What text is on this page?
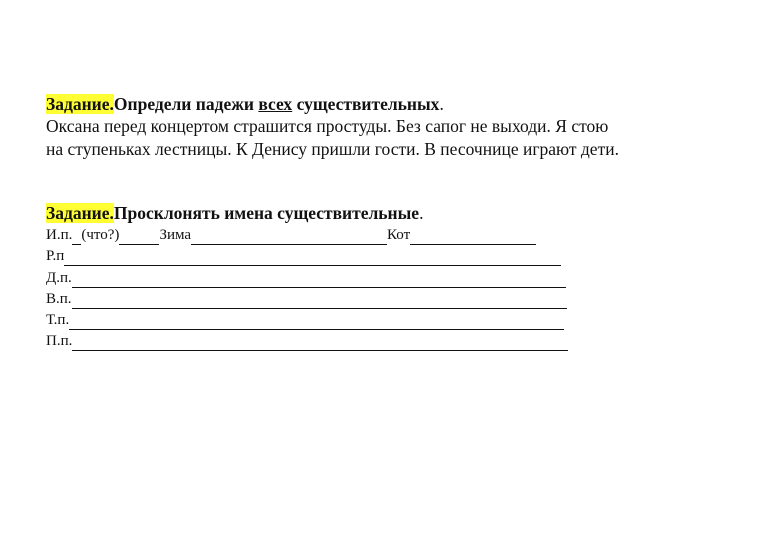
Задание.Определи падежи всех существительных.
Оксана перед концертом страшится простуды. Без сапог не выходи. Я стою
на ступеньках лестницы. К Денису пришли гости. В песочнице играют дети.
Задание.Просклонять имена существительные.
И.п. (что?)	Зима	Кот
Р.п
Д.п.
В.п.
Т.п.
П.п.
